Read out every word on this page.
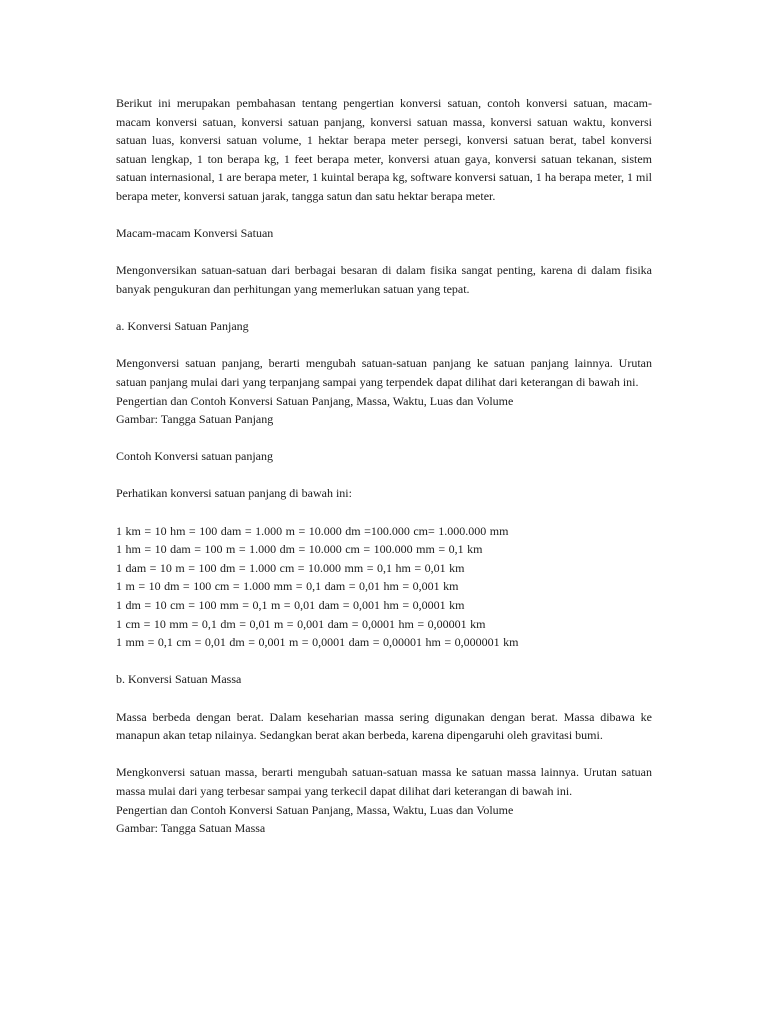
Berikut ini merupakan pembahasan tentang pengertian konversi satuan, contoh konversi satuan, macam-macam konversi satuan, konversi satuan panjang, konversi satuan massa, konversi satuan waktu, konversi satuan luas, konversi satuan volume, 1 hektar berapa meter persegi, konversi satuan berat, tabel konversi satuan lengkap, 1 ton berapa kg, 1 feet berapa meter, konversi atuan gaya, konversi satuan tekanan, sistem satuan internasional, 1 are berapa meter, 1 kuintal berapa kg, software konversi satuan, 1 ha berapa meter, 1 mil berapa meter, konversi satuan jarak, tangga satun dan satu hektar berapa meter.

Macam-macam Konversi Satuan

Mengonversikan satuan-satuan dari berbagai besaran di dalam fisika sangat penting, karena di dalam fisika banyak pengukuran dan perhitungan yang memerlukan satuan yang tepat.

a. Konversi Satuan Panjang

Mengonversi satuan panjang, berarti mengubah satuan-satuan panjang ke satuan panjang lainnya. Urutan satuan panjang mulai dari yang terpanjang sampai yang terpendek dapat dilihat dari keterangan di bawah ini.
Pengertian dan Contoh Konversi Satuan Panjang, Massa, Waktu, Luas dan Volume
Gambar: Tangga Satuan Panjang

Contoh Konversi satuan panjang

Perhatikan konversi satuan panjang di bawah ini:

1 km = 10 hm = 100 dam = 1.000 m = 10.000 dm =100.000 cm= 1.000.000 mm
1 hm = 10 dam = 100 m = 1.000 dm = 10.000 cm = 100.000 mm = 0,1 km
1 dam = 10 m = 100 dm = 1.000 cm = 10.000 mm = 0,1 hm = 0,01 km
1 m = 10 dm = 100 cm = 1.000 mm = 0,1 dam = 0,01 hm = 0,001 km
1 dm = 10 cm = 100 mm = 0,1 m = 0,01 dam = 0,001 hm = 0,0001 km
1 cm = 10 mm = 0,1 dm = 0,01 m = 0,001 dam = 0,0001 hm = 0,00001 km
1 mm = 0,1 cm = 0,01 dm = 0,001 m = 0,0001 dam = 0,00001 hm = 0,000001 km

b. Konversi Satuan Massa

Massa berbeda dengan berat. Dalam keseharian massa sering digunakan dengan berat. Massa dibawa ke manapun akan tetap nilainya. Sedangkan berat akan berbeda, karena dipengaruhi oleh gravitasi bumi.

Mengkonversi satuan massa, berarti mengubah satuan-satuan massa ke satuan massa lainnya. Urutan satuan massa mulai dari yang terbesar sampai yang terkecil dapat dilihat dari keterangan di bawah ini.
Pengertian dan Contoh Konversi Satuan Panjang, Massa, Waktu, Luas dan Volume
Gambar: Tangga Satuan Massa
